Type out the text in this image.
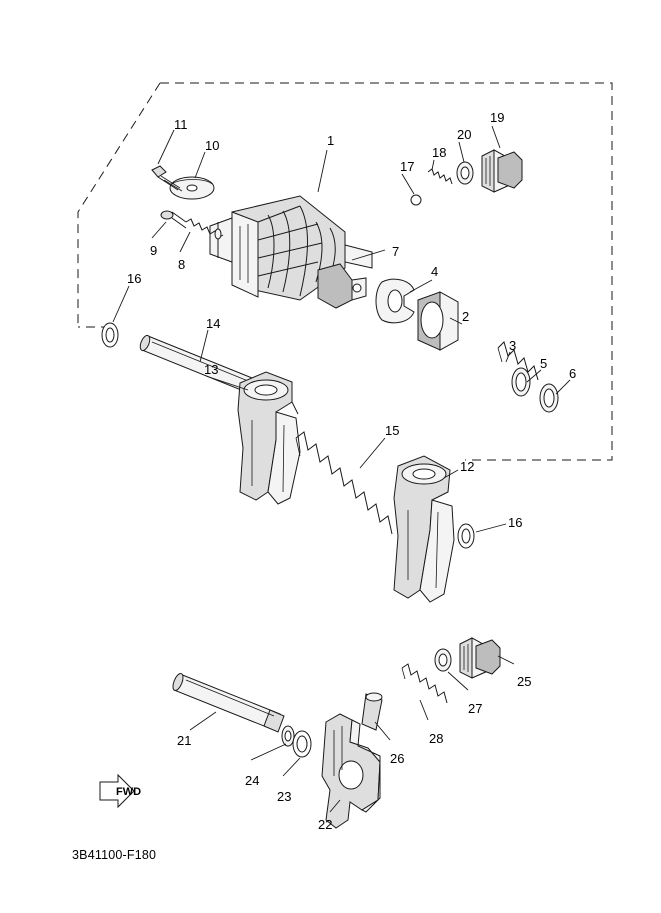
FWD
3B41100-F180
1
2
3
4
5
6
7
8
9
10
11
12
13
14
15
16
16
17
18
19
20
21
22
23
24
25
26
27
28
